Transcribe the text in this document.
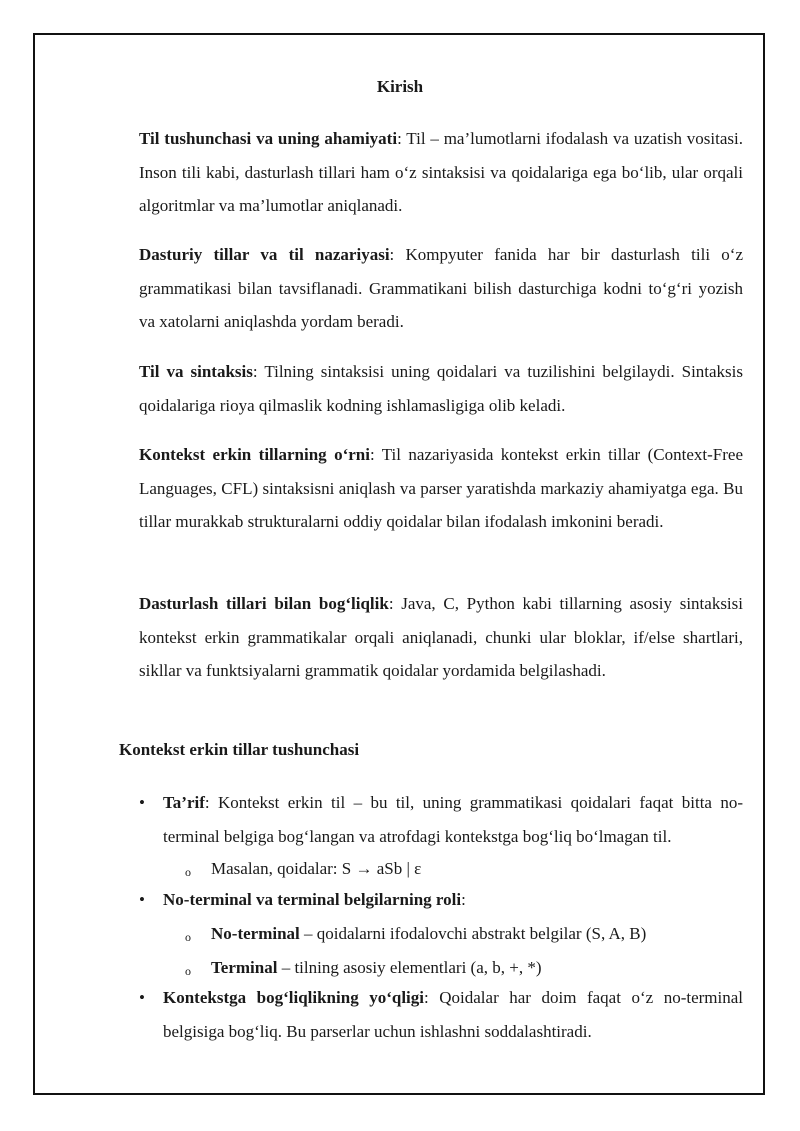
Kirish

Til tushunchasi va uning ahamiyati: Til – ma’lumotlarni ifodalash va uzatish vositasi. Inson tili kabi, dasturlash tillari ham o‘z sintaksisi va qoidalariga ega bo‘lib, ular orqali algoritmlar va ma’lumotlar aniqlanadi.

Dasturiy tillar va til nazariyasi: Kompyuter fanida har bir dasturlash tili o‘z grammatikasi bilan tavsiflanadi. Grammatikani bilish dasturchiga kodni to‘g‘ri yozish va xatolarni aniqlashda yordam beradi.

Til va sintaksis: Tilning sintaksisi uning qoidalari va tuzilishini belgilaydi. Sintaksis qoidalariga rioya qilmaslik kodning ishlamasligiga olib keladi.

Kontekst erkin tillarning o‘rni: Til nazariyasida kontekst erkin tillar (Context-Free Languages, CFL) sintaksisni aniqlash va parser yaratishda markaziy ahamiyatga ega. Bu tillar murakkab strukturalarni oddiy qoidalar bilan ifodalash imkonini beradi.

Dasturlash tillari bilan bog‘liqlik: Java, C, Python kabi tillarning asosiy sintaksisi kontekst erkin grammatikalar orqali aniqlanadi, chunki ular bloklar, if/else shartlari, sikllar va funktsiyalarni grammatik qoidalar yordamida belgilashadi.

Kontekst erkin tillar tushunchasi
• Ta’rif: Kontekst erkin til – bu til, uning grammatikasi qoidalari faqat bitta no-terminal belgiga bog‘langan va atrofdagi kontekstga bog‘liq bo‘lmagan til.
o Masalan, qoidalar: S → aSb | ε
• No-terminal va terminal belgilarning roli:
o No-terminal – qoidalarni ifodalovchi abstrakt belgilar (S, A, B)
o Terminal – tilning asosiy elementlari (a, b, +, *)
• Kontekstga bog‘liqlikning yo‘qligi: Qoidalar har doim faqat o‘z no-terminal belgisiga bog‘liq. Bu parserlar uchun ishlashni soddalashtiradi.
